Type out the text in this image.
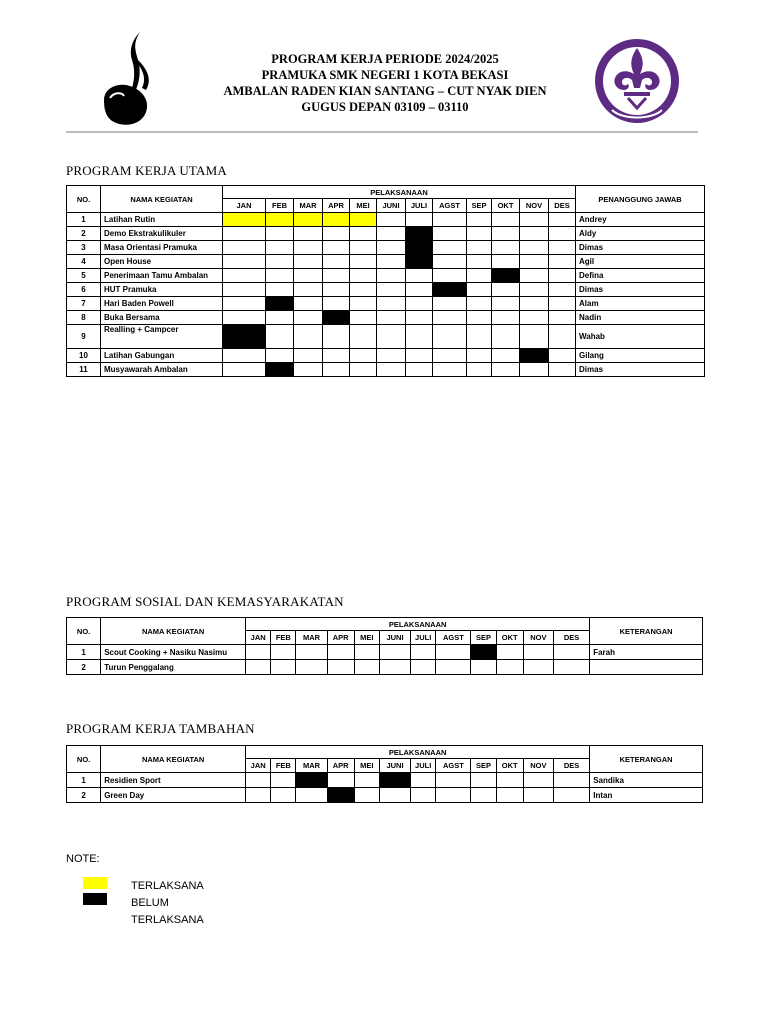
PROGRAM KERJA PERIODE 2024/2025
PRAMUKA SMK NEGERI 1 KOTA BEKASI
AMBALAN RADEN KIAN SANTANG – CUT NYAK DIEN
GUGUS DEPAN 03109 – 03110
PROGRAM KERJA UTAMA
NO.	NAMA KEGIATAN	PELAKSANAAN												PENANGGUNG JAWAB
		JAN	FEB	MAR	APR	MEI	JUNI	JULI	AGST	SEP	OKT	NOV	DES	
1	Latihan Rutin													Andrey
2	Demo Ekstrakulikuler													Aldy
3	Masa Orientasi Pramuka													Dimas
4	Open House													Agil
5	Penerimaan Tamu Ambalan													Defina
6	HUT Pramuka													Dimas
7	Hari Baden Powell													Alam
8	Buka Bersama													Nadin
9	Realling + Campcer													Wahab
10	Latihan Gabungan													Gilang
11	Musyawarah Ambalan													Dimas
PROGRAM SOSIAL DAN KEMASYARAKATAN
NO.	NAMA KEGIATAN	PELAKSANAAN												KETERANGAN
		JAN	FEB	MAR	APR	MEI	JUNI	JULI	AGST	SEP	OKT	NOV	DES	
1	Scout Cooking + Nasiku Nasimu													Farah
2	Turun Penggalang													
PROGRAM KERJA TAMBAHAN
NO.	NAMA KEGIATAN	PELAKSANAAN												KETERANGAN
		JAN	FEB	MAR	APR	MEI	JUNI	JULI	AGST	SEP	OKT	NOV	DES	
1	Residien Sport													Sandika
2	Green Day													Intan
NOTE:
TERLAKSANA
BELUM TERLAKSANA
